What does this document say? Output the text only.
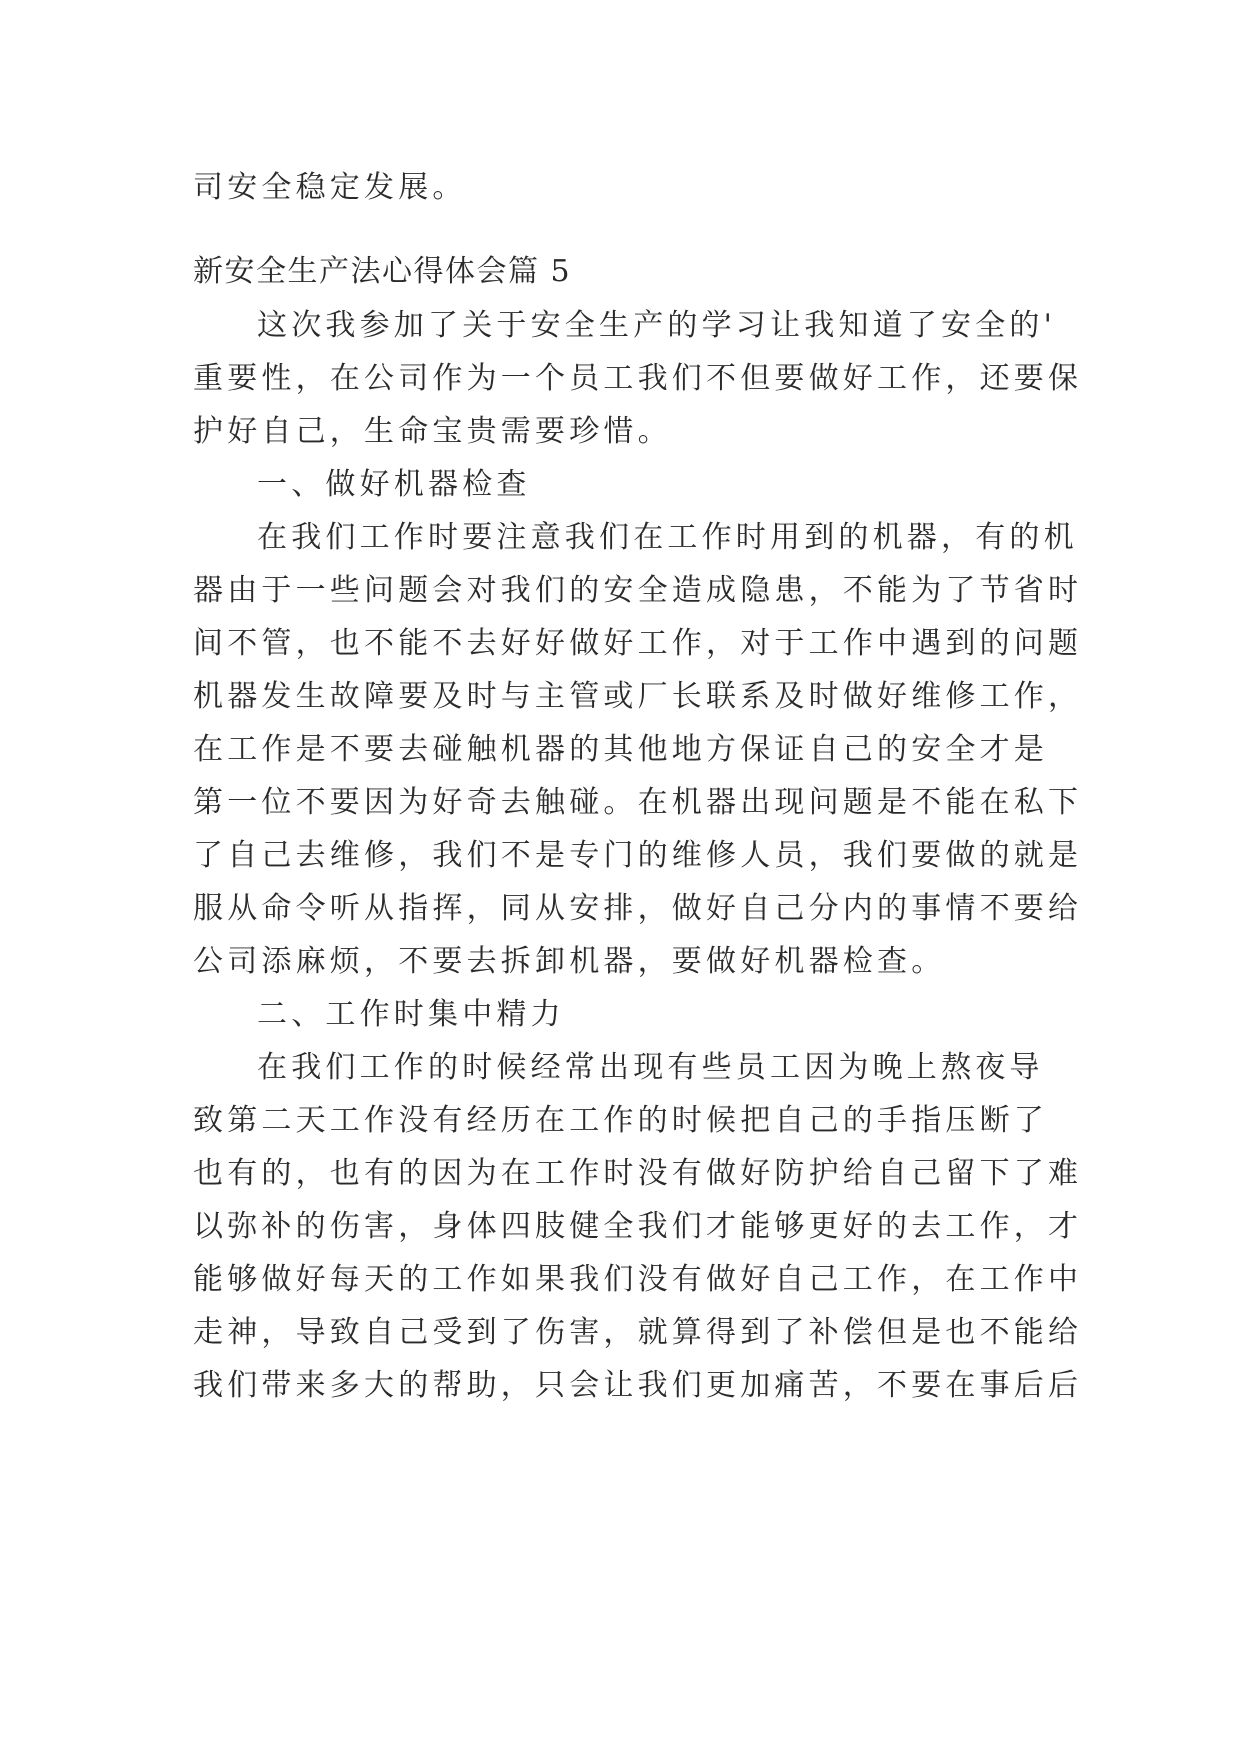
司安全稳定发展。
新安全生产法心得体会篇 5
这次我参加了关于安全生产的学习让我知道了安全的'
重要性，在公司作为一个员工我们不但要做好工作，还要保
护好自己，生命宝贵需要珍惜。
一、做好机器检查
在我们工作时要注意我们在工作时用到的机器，有的机
器由于一些问题会对我们的安全造成隐患，不能为了节省时
间不管，也不能不去好好做好工作，对于工作中遇到的问题
机器发生故障要及时与主管或厂长联系及时做好维修工作，
在工作是不要去碰触机器的其他地方保证自己的安全才是
第一位不要因为好奇去触碰。在机器出现问题是不能在私下
了自己去维修，我们不是专门的维修人员，我们要做的就是
服从命令听从指挥，同从安排，做好自己分内的事情不要给
公司添麻烦，不要去拆卸机器，要做好机器检查。
二、工作时集中精力
在我们工作的时候经常出现有些员工因为晚上熬夜导
致第二天工作没有经历在工作的时候把自己的手指压断了
也有的，也有的因为在工作时没有做好防护给自己留下了难
以弥补的伤害，身体四肢健全我们才能够更好的去工作，才
能够做好每天的工作如果我们没有做好自己工作，在工作中
走神，导致自己受到了伤害，就算得到了补偿但是也不能给
我们带来多大的帮助，只会让我们更加痛苦，不要在事后后
